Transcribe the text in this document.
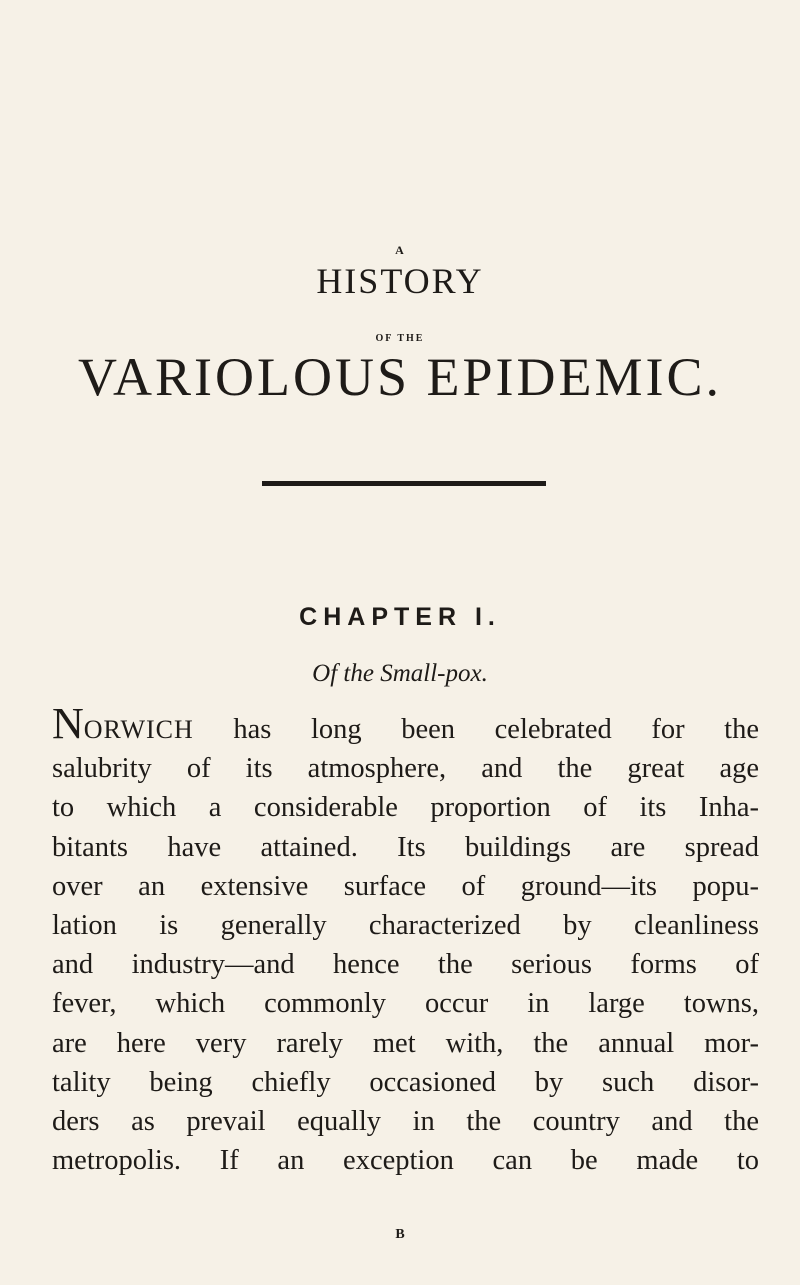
A
HISTORY
OF THE
VARIOLOUS EPIDEMIC.
CHAPTER I.
Of the Small-pox.
NORWICH has long been celebrated for the
salubrity of its atmosphere, and the great age
to which a considerable proportion of its Inha-
bitants have attained. Its buildings are spread
over an extensive surface of ground—its popu-
lation is generally characterized by cleanliness
and industry—and hence the serious forms of
fever, which commonly occur in large towns,
are here very rarely met with, the annual mor-
tality being chiefly occasioned by such disor-
ders as prevail equally in the country and the
metropolis. If an exception can be made to
B
